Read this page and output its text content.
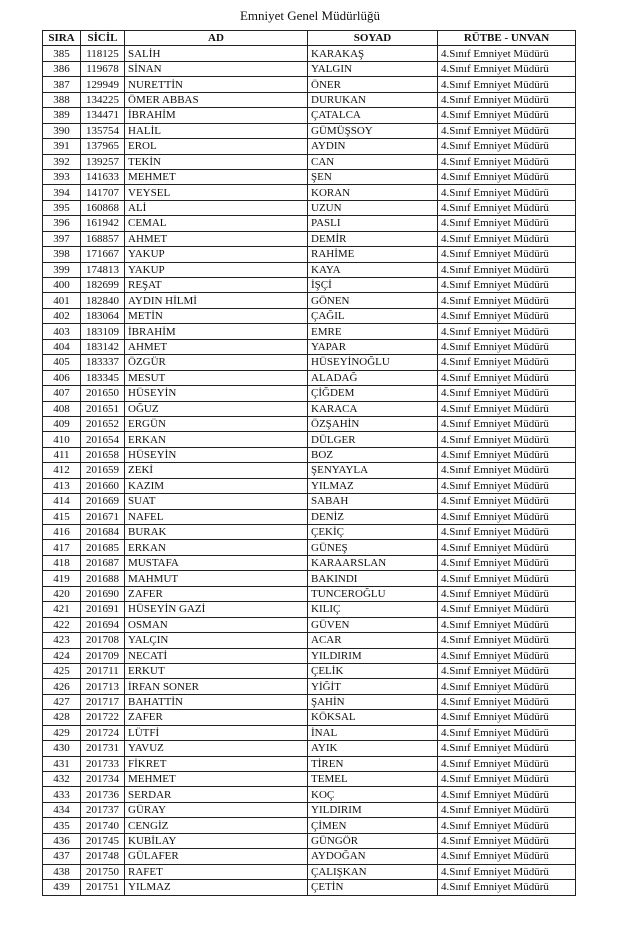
Emniyet Genel Müdürlüğü
SIRA	SİCİL	AD	SOYAD	RÜTBE - UNVAN
385	118125	SALİH	KARAKAŞ	4.Sınıf Emniyet Müdürü
386	119678	SİNAN	YALGIN	4.Sınıf Emniyet Müdürü
387	129949	NURETTİN	ÖNER	4.Sınıf Emniyet Müdürü
388	134225	ÖMER ABBAS	DURUKAN	4.Sınıf Emniyet Müdürü
389	134471	İBRAHİM	ÇATALCA	4.Sınıf Emniyet Müdürü
390	135754	HALİL	GÜMÜŞSOY	4.Sınıf Emniyet Müdürü
391	137965	EROL	AYDIN	4.Sınıf Emniyet Müdürü
392	139257	TEKİN	CAN	4.Sınıf Emniyet Müdürü
393	141633	MEHMET	ŞEN	4.Sınıf Emniyet Müdürü
394	141707	VEYSEL	KORAN	4.Sınıf Emniyet Müdürü
395	160868	ALİ	UZUN	4.Sınıf Emniyet Müdürü
396	161942	CEMAL	PASLI	4.Sınıf Emniyet Müdürü
397	168857	AHMET	DEMİR	4.Sınıf Emniyet Müdürü
398	171667	YAKUP	RAHİME	4.Sınıf Emniyet Müdürü
399	174813	YAKUP	KAYA	4.Sınıf Emniyet Müdürü
400	182699	REŞAT	İŞÇİ	4.Sınıf Emniyet Müdürü
401	182840	AYDIN HİLMİ	GÖNEN	4.Sınıf Emniyet Müdürü
402	183064	METİN	ÇAĞIL	4.Sınıf Emniyet Müdürü
403	183109	İBRAHİM	EMRE	4.Sınıf Emniyet Müdürü
404	183142	AHMET	YAPAR	4.Sınıf Emniyet Müdürü
405	183337	ÖZGÜR	HÜSEYİNOĞLU	4.Sınıf Emniyet Müdürü
406	183345	MESUT	ALADAĞ	4.Sınıf Emniyet Müdürü
407	201650	HÜSEYİN	ÇİĞDEM	4.Sınıf Emniyet Müdürü
408	201651	OĞUZ	KARACA	4.Sınıf Emniyet Müdürü
409	201652	ERGÜN	ÖZŞAHİN	4.Sınıf Emniyet Müdürü
410	201654	ERKAN	DÜLGER	4.Sınıf Emniyet Müdürü
411	201658	HÜSEYİN	BOZ	4.Sınıf Emniyet Müdürü
412	201659	ZEKİ	ŞENYAYLA	4.Sınıf Emniyet Müdürü
413	201660	KAZIM	YILMAZ	4.Sınıf Emniyet Müdürü
414	201669	SUAT	SABAH	4.Sınıf Emniyet Müdürü
415	201671	NAFEL	DENİZ	4.Sınıf Emniyet Müdürü
416	201684	BURAK	ÇEKİÇ	4.Sınıf Emniyet Müdürü
417	201685	ERKAN	GÜNEŞ	4.Sınıf Emniyet Müdürü
418	201687	MUSTAFA	KARAARSLAN	4.Sınıf Emniyet Müdürü
419	201688	MAHMUT	BAKINDI	4.Sınıf Emniyet Müdürü
420	201690	ZAFER	TUNCEROĞLU	4.Sınıf Emniyet Müdürü
421	201691	HÜSEYİN GAZİ	KILIÇ	4.Sınıf Emniyet Müdürü
422	201694	OSMAN	GÜVEN	4.Sınıf Emniyet Müdürü
423	201708	YALÇIN	ACAR	4.Sınıf Emniyet Müdürü
424	201709	NECATİ	YILDIRIM	4.Sınıf Emniyet Müdürü
425	201711	ERKUT	ÇELİK	4.Sınıf Emniyet Müdürü
426	201713	İRFAN SONER	YİĞİT	4.Sınıf Emniyet Müdürü
427	201717	BAHATTİN	ŞAHİN	4.Sınıf Emniyet Müdürü
428	201722	ZAFER	KÖKSAL	4.Sınıf Emniyet Müdürü
429	201724	LÜTFİ	İNAL	4.Sınıf Emniyet Müdürü
430	201731	YAVUZ	AYIK	4.Sınıf Emniyet Müdürü
431	201733	FİKRET	TİREN	4.Sınıf Emniyet Müdürü
432	201734	MEHMET	TEMEL	4.Sınıf Emniyet Müdürü
433	201736	SERDAR	KOÇ	4.Sınıf Emniyet Müdürü
434	201737	GÜRAY	YILDIRIM	4.Sınıf Emniyet Müdürü
435	201740	CENGİZ	ÇİMEN	4.Sınıf Emniyet Müdürü
436	201745	KUBİLAY	GÜNGÖR	4.Sınıf Emniyet Müdürü
437	201748	GÜLAFER	AYDOĞAN	4.Sınıf Emniyet Müdürü
438	201750	RAFET	ÇALIŞKAN	4.Sınıf Emniyet Müdürü
439	201751	YILMAZ	ÇETİN	4.Sınıf Emniyet Müdürü
